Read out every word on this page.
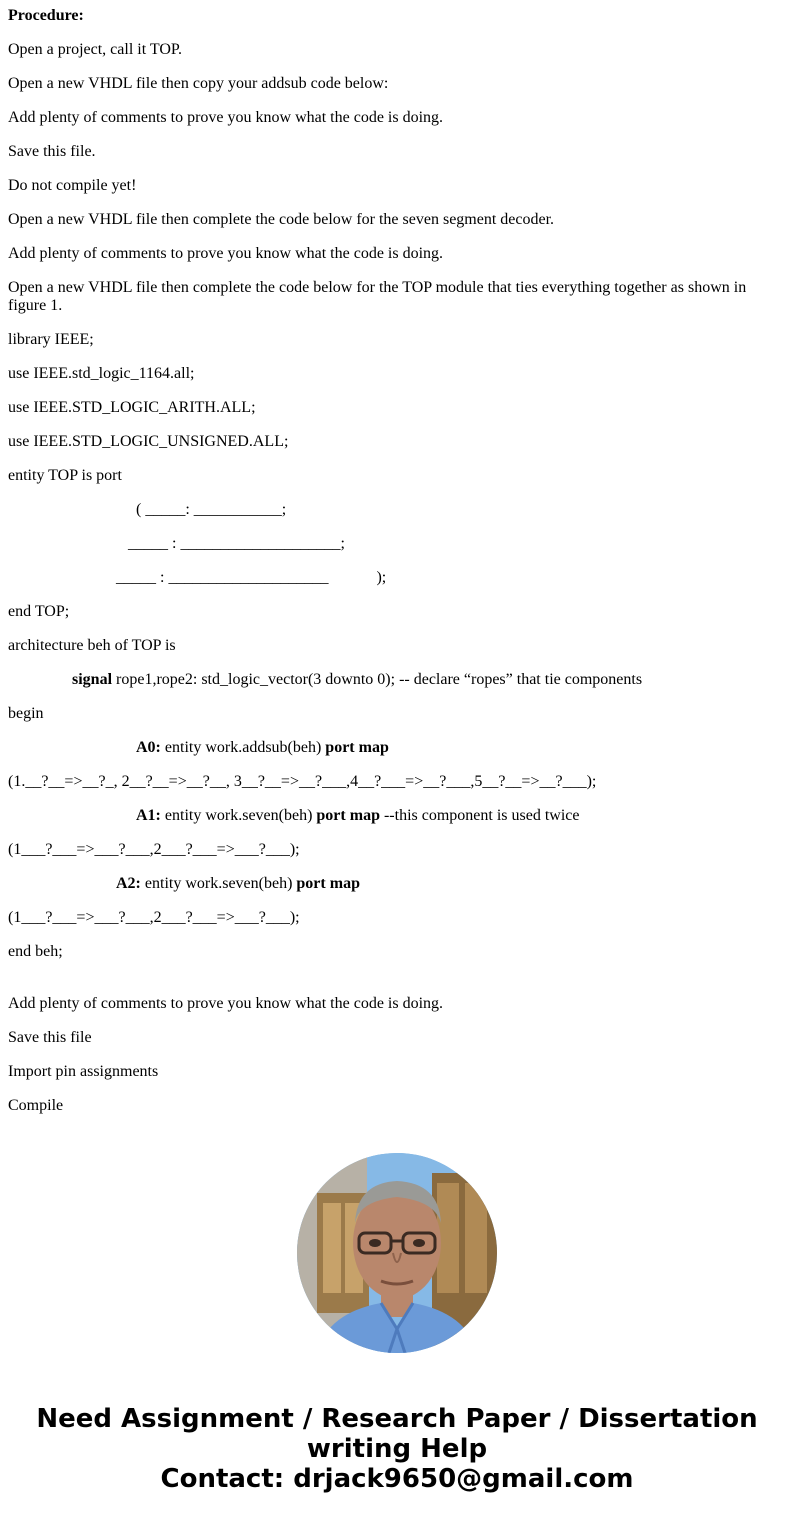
Procedure:

Open a project, call it TOP.

Open a new VHDL file then copy your addsub code below:

Add plenty of comments to prove you know what the code is doing.

Save this file.

Do not compile yet!

Open a new VHDL file then complete the code below for the seven segment decoder.

Add plenty of comments to prove you know what the code is doing.

Open a new VHDL file then complete the code below for the TOP module that ties everything together as shown in figure 1.

library IEEE;

use IEEE.std_logic_1164.all;

use IEEE.STD_LOGIC_ARITH.ALL;

use IEEE.STD_LOGIC_UNSIGNED.ALL;

entity TOP is port

( _____: ___________;

_____ : ____________________;

_____ : ____________________	);

end TOP;

architecture beh of TOP is

signal rope1,rope2: std_logic_vector(3 downto 0); -- declare “ropes” that tie components

begin

A0: entity work.addsub(beh) port map

(1.__?__=>__?_, 2__?__=>__?__, 3__?__=>__?___,4__?___=>__?___,5__?__=>__?___);

A1: entity work.seven(beh) port map --this component is used twice

(1___?___=>___?___,2___?___=>___?___);

A2: entity work.seven(beh) port map

(1___?___=>___?___,2___?___=>___?___);

end beh;

Add plenty of comments to prove you know what the code is doing.

Save this file

Import pin assignments

Compile

Need Assignment / Research Paper / Dissertation
writing Help
Contact: drjack9650@gmail.com
